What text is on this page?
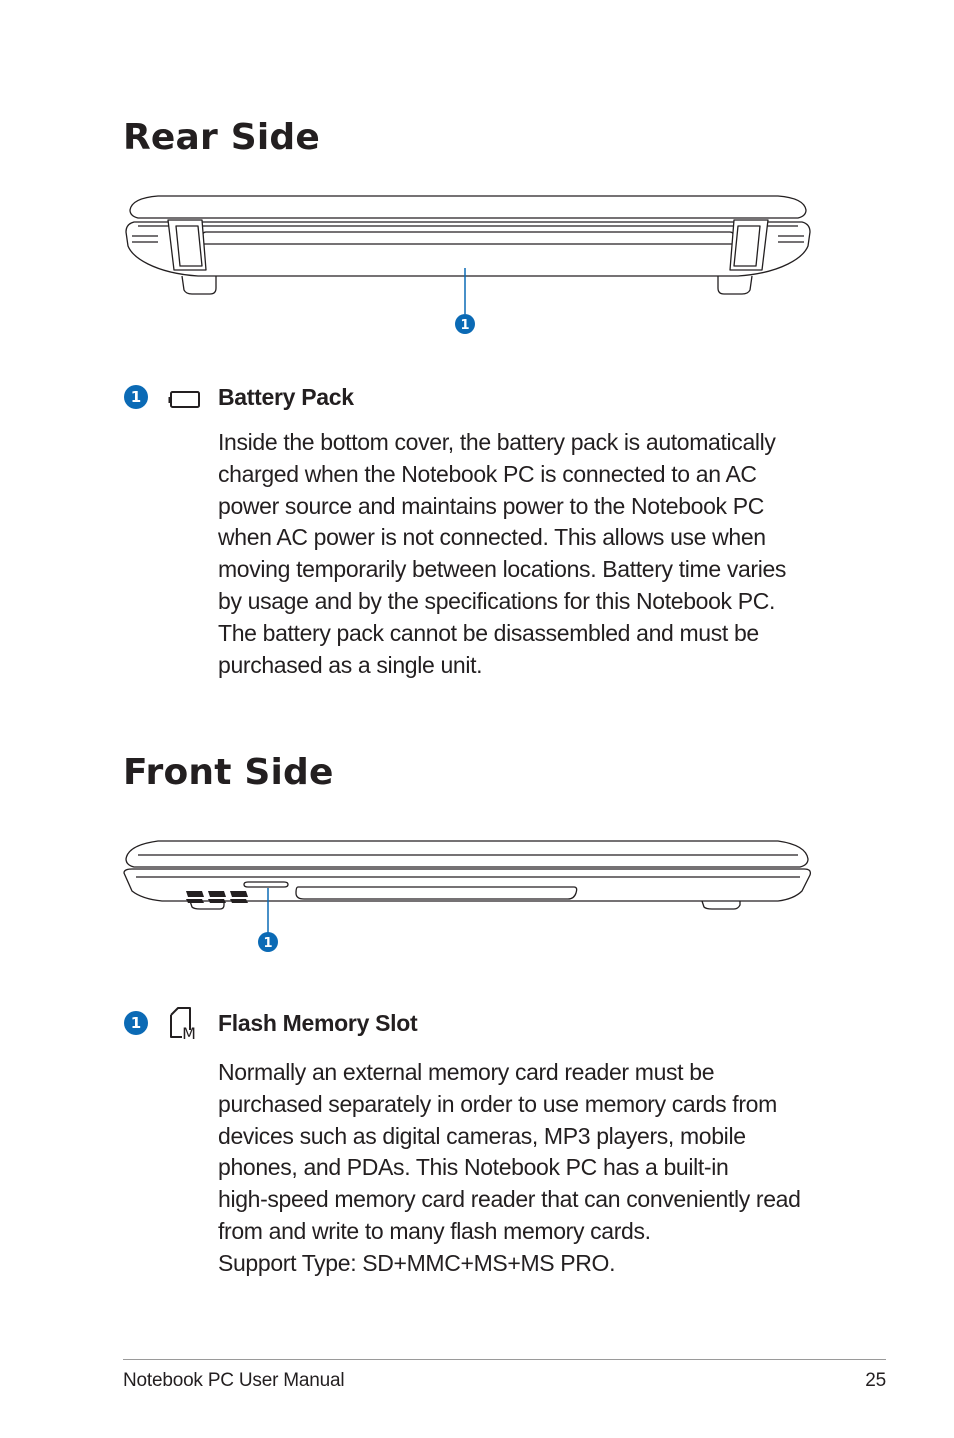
Rear Side
1
1	Battery Pack

Inside the bottom cover, the battery pack is automatically
charged when the Notebook PC is connected to an AC
power source and maintains power to the Notebook PC
when AC power is not connected. This allows use when
moving temporarily between locations. Battery time varies
by usage and by the specifications for this Notebook PC.
The battery pack cannot be disassembled and must be
purchased as a single unit.

Front Side
1
1
M Flash Memory Slot

Normally an external memory card reader must be
purchased separately in order to use memory cards from
devices such as digital cameras, MP3 players, mobile
phones, and PDAs. This Notebook PC has a built-in
high-speed memory card reader that can conveniently read
from and write to many flash memory cards.
Support Type: SD+MMC+MS+MS PRO.

Notebook PC User Manual	25
